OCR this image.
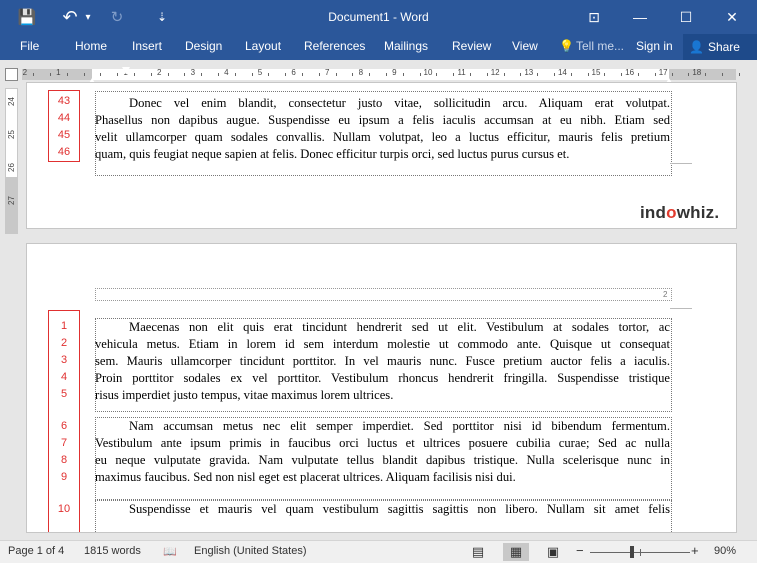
💾	↶ ▾	↻	⇣	Document1 - Word	⊡	—	☐	✕
File	Home Insert Design Layout References Mailings Review View 💡 Tell me... Sign in 👤 Share
2	1	1	2	3	4	5	6	7	8	9	10	11	12	13	14	15	16	17	18
24
25
26
27
43
44
45
46
Donec vel enim blandit, consectetur justo vitae, sollicitudin arcu. Aliquam erat volutpat.
Phasellus non dapibus augue. Suspendisse eu ipsum a felis iaculis accumsan at eu nibh. Etiam sed
velit ullamcorper quam sodales convallis. Nullam volutpat, leo a luctus efficitur, mauris felis pretium
quam, quis feugiat neque sapien at felis. Donec efficitur turpis orci, sed luctus purus cursus et.
indowhiz.
2
1
2
3
4
5
6
7
8
9
10
Maecenas non elit quis erat tincidunt hendrerit sed ut elit. Vestibulum at sodales tortor, ac
vehicula metus. Etiam in lorem id sem interdum molestie ut commodo ante. Quisque ut consequat
sem. Mauris ullamcorper tincidunt porttitor. In vel mauris nunc. Fusce pretium auctor felis a iaculis.
Proin porttitor sodales ex vel porttitor. Vestibulum rhoncus hendrerit fringilla. Suspendisse tristique
risus imperdiet justo tempus, vitae maximus lorem ultrices.
Nam accumsan metus nec elit semper imperdiet. Sed porttitor nisi id bibendum fermentum.
Vestibulum ante ipsum primis in faucibus orci luctus et ultrices posuere cubilia curae; Sed ac nulla
eu neque vulputate gravida. Nam vulputate tellus blandit dapibus tristique. Nulla scelerisque nunc in
maximus faucibus. Sed non nisl eget est placerat ultrices. Aliquam facilisis nisi dui.
Suspendisse et mauris vel quam vestibulum sagittis sagittis non libero. Nullam sit amet felis
Page 1 of 4 1815 words 📖 English (United States)	▤	▦	▣	−	+ 90%
